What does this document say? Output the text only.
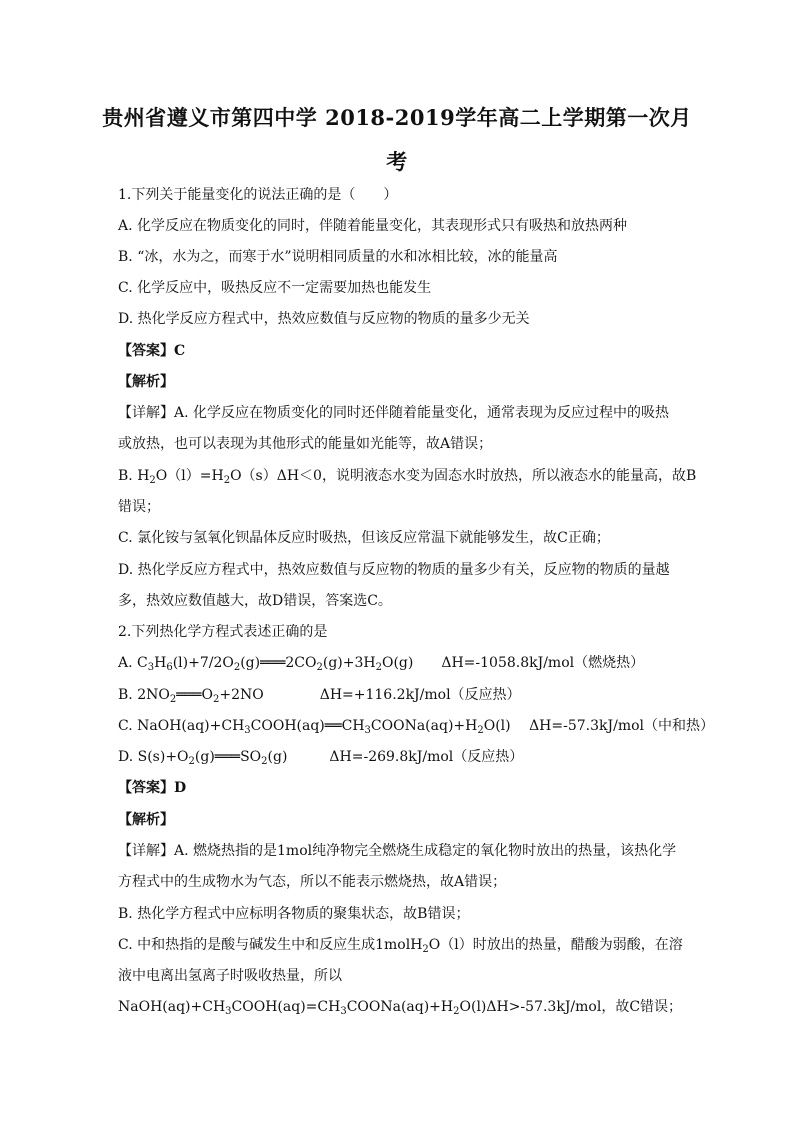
贵州省遵义市第四中学 2018-2019学年高二上学期第一次月
考
1.下列关于能量变化的说法正确的是（　　）
A. 化学反应在物质变化的同时，伴随着能量变化，其表现形式只有吸热和放热两种
B. “冰，水为之，而寒于水”说明相同质量的水和冰相比较，冰的能量高
C. 化学反应中，吸热反应不一定需要加热也能发生
D. 热化学反应方程式中，热效应数值与反应物的物质的量多少无关
【答案】C
【解析】
【详解】A. 化学反应在物质变化的同时还伴随着能量变化，通常表现为反应过程中的吸热
或放热，也可以表现为其他形式的能量如光能等，故A错误；
B. $H_2O(l)=H_2O(s)\Delta H<0$，说明液态水变为固态水时放热，所以液态水的能量高，故B
错误；
C. 氯化铵与氢氧化钡晶体反应时吸热，但该反应常温下就能够发生，故C正确；
D. 热化学反应方程式中，热效应数值与反应物的物质的量多少有关，反应物的物质的量越
多，热效应数值越大，故D错误，答案选C。
2.下列热化学方程式表述正确的是
A. $C_3H_6(l)+7/2O_2(g)═══2CO_2(g)+3H_2O(g)$　　ΔH=-1058.8kJ/mol（燃烧热）
B. $2NO_2═══O_2+2NO$　　　　ΔH=+116.2kJ/mol（反应热）
C. $NaOH(aq)+CH_3COOH(aq)══CH_3COONa(aq)+H_2O(l)$　 ΔH=-57.3kJ/mol（中和热）
D. $S(s)+O_2(g)═══SO_2(g)$　　　ΔH=-269.8kJ/mol（反应热）
【答案】D
【解析】
【详解】A. 燃烧热指的是1mol纯净物完全燃烧生成稳定的氧化物时放出的热量，该热化学
方程式中的生成物水为气态，所以不能表示燃烧热，故A错误；
B. 热化学方程式中应标明各物质的聚集状态，故B错误；
C. 中和热指的是酸与碱发生中和反应生成1molH$_2$O（l）时放出的热量，醋酸为弱酸，在溶
液中电离出氢离子时吸收热量，所以
$NaOH(aq)+CH_3COOH(aq)=CH_3COONa(aq)+H_2O(l)\Delta H>-57.3kJ$/mol，故C错误；
